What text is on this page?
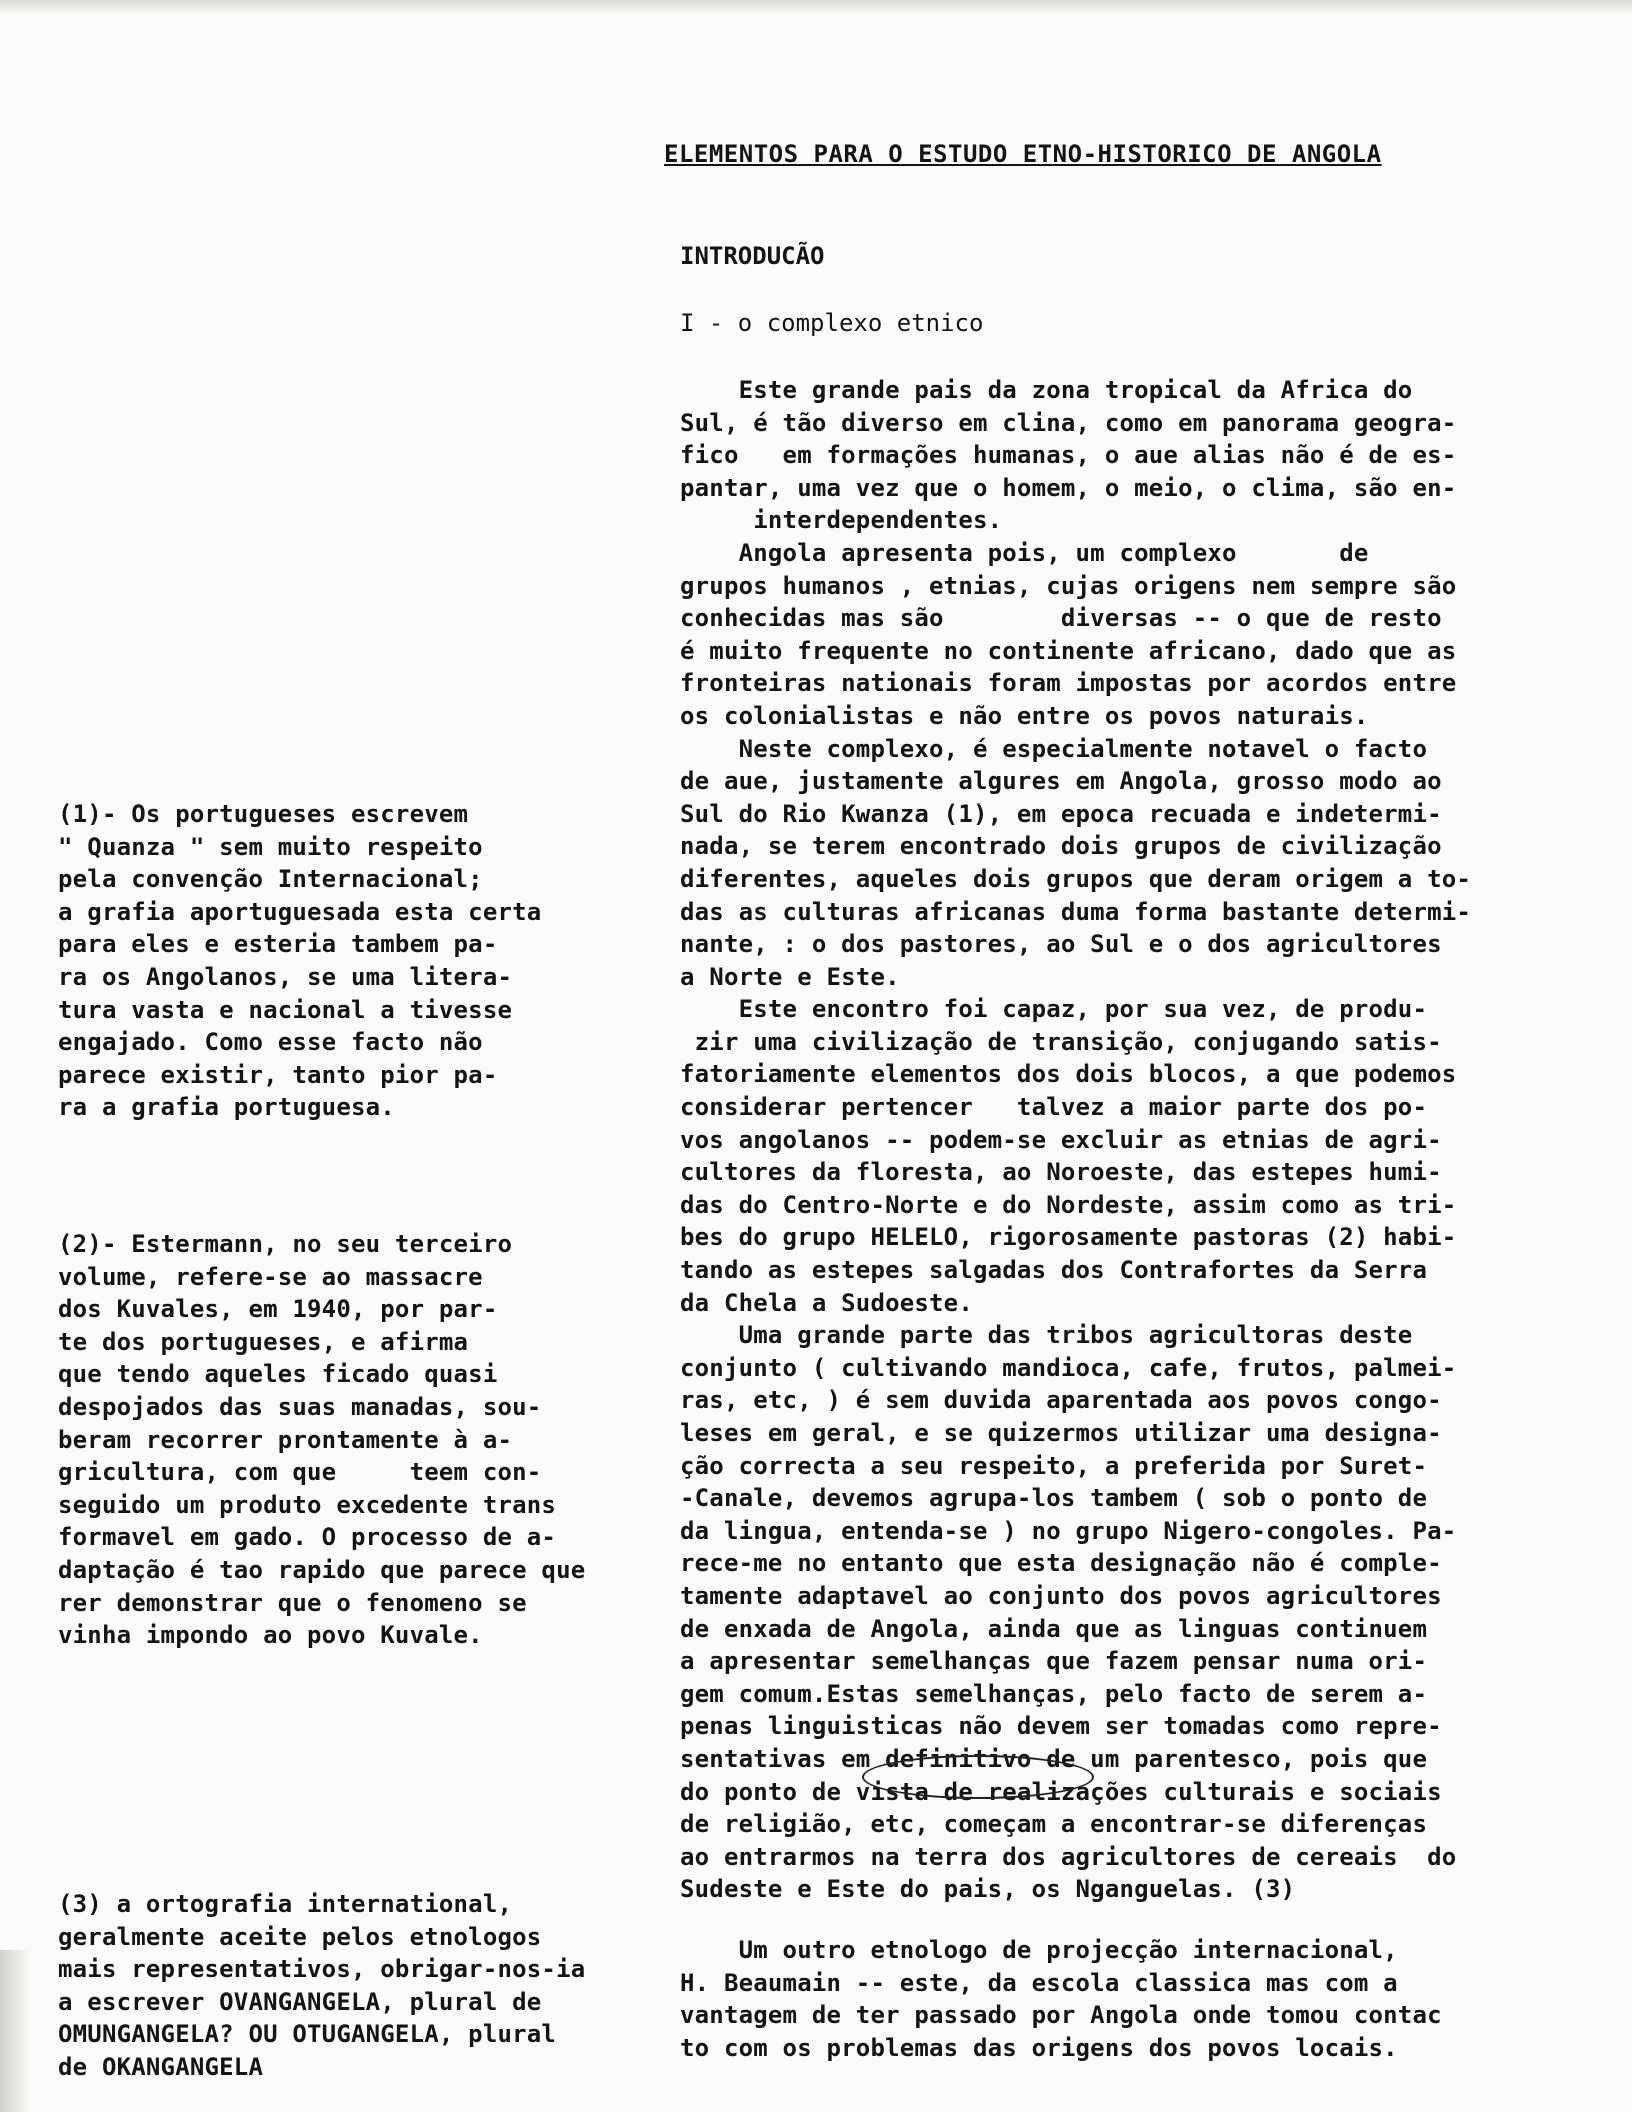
ELEMENTOS PARA O ESTUDO ETNO-HISTORICO DE ANGOLA
INTRODUCÃO
I - o complexo etnico
Este grande pais da zona tropical da Africa do
Sul, é tão diverso em clina, como em panorama geogra-
fico   em formações humanas, o aue alias não é de es-
pantar, uma vez que o homem, o meio, o clima, são en-
interdependentes.
Angola apresenta pois, um complexo       de
grupos humanos , etnias, cujas origens nem sempre são
conhecidas mas são        diversas -- o que de resto
é muito frequente no continente africano, dado que as
fronteiras nationais foram impostas por acordos entre
os colonialistas e não entre os povos naturais.
Neste complexo, é especialmente notavel o facto
de aue, justamente algures em Angola, grosso modo ao
Sul do Rio Kwanza (1), em epoca recuada e indetermi-
nada, se terem encontrado dois grupos de civilização
diferentes, aqueles dois grupos que deram origem a to-
das as culturas africanas duma forma bastante determi-
nante, : o dos pastores, ao Sul e o dos agricultores
a Norte e Este.
Este encontro foi capaz, por sua vez, de produ-
zir uma civilização de transição, conjugando satis-
fatoriamente elementos dos dois blocos, a que podemos
considerar pertencer   talvez a maior parte dos po-
vos angolanos -- podem-se excluir as etnias de agri-
cultores da floresta, ao Noroeste, das estepes humi-
das do Centro-Norte e do Nordeste, assim como as tri-
bes do grupo HELELO, rigorosamente pastoras (2) habi-
tando as estepes salgadas dos Contrafortes da Serra
da Chela a Sudoeste.
Uma grande parte das tribos agricultoras deste
conjunto ( cultivando mandioca, cafe, frutos, palmei-
ras, etc, ) é sem duvida aparentada aos povos congo-
leses em geral, e se quizermos utilizar uma designa-
ção correcta a seu respeito, a preferida por Suret-
-Canale, devemos agrupa-los tambem ( sob o ponto de
da lingua, entenda-se ) no grupo Nigero-congoles. Pa-
rece-me no entanto que esta designação não é comple-
tamente adaptavel ao conjunto dos povos agricultores
de enxada de Angola, ainda que as linguas continuem
a apresentar semelhanças que fazem pensar numa ori-
gem comum.Estas semelhanças, pelo facto de serem a-
penas linguisticas não devem ser tomadas como repre-
sentativas em definitivo de um parentesco, pois que
do ponto de vista de realizações culturais e sociais
de religião, etc, começam a encontrar-se diferenças
ao entrarmos na terra dos agricultores de cereais  do
Sudeste e Este do pais, os Nganguelas. (3)
Um outro etnologo de projecção internacional,
H. Beaumain -- este, da escola classica mas com a
vantagem de ter passado por Angola onde tomou contac
to com os problemas das origens dos povos locais.
(1)- Os portugueses escrevem
" Quanza " sem muito respeito
pela convenção Internacional;
a grafia aportuguesada esta certa
para eles e esteria tambem pa-
ra os Angolanos, se uma litera-
tura vasta e nacional a tivesse
engajado. Como esse facto não
parece existir, tanto pior pa-
ra a grafia portuguesa.
(2)- Estermann, no seu terceiro
volume, refere-se ao massacre
dos Kuvales, em 1940, por par-
te dos portugueses, e afirma
que tendo aqueles ficado quasi
despojados das suas manadas, sou-
beram recorrer prontamente à a-
gricultura, com que     teem con-
seguido um produto excedente trans
formavel em gado. O processo de a-
daptação é tao rapido que parece que
rer demonstrar que o fenomeno se
vinha impondo ao povo Kuvale.
(3) a ortografia international,
geralmente aceite pelos etnologos
mais representativos, obrigar-nos-ia
a escrever OVANGANGELA, plural de
OMUNGANGELA? OU OTUGANGELA, plural
de OKANGANGELA
